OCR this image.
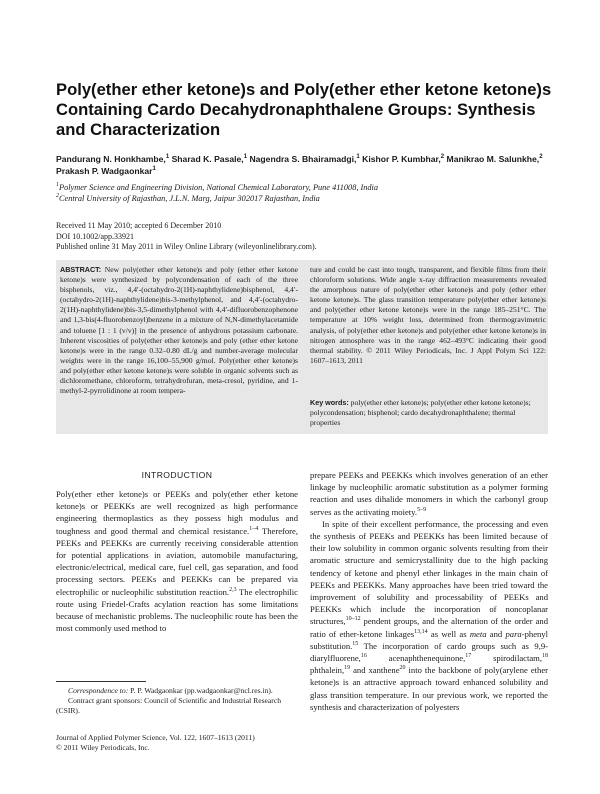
Poly(ether ether ketone)s and Poly(ether ether ketone ketone)s Containing Cardo Decahydronaphthalene Groups: Synthesis and Characterization
Pandurang N. Honkhambe,$^1$ Sharad K. Pasale,$^1$ Nagendra S. Bhairamadgi,$^1$ Kishor P. Kumbhar,$^2$ Manikrao M. Salunkhe,$^2$ Prakash P. Wadgaonkar$^1$
$^1$Polymer Science and Engineering Division, National Chemical Laboratory, Pune 411008, India
$^2$Central University of Rajasthan, J.L.N. Marg, Jaipur 302017 Rajasthan, India
Received 11 May 2010; accepted 6 December 2010
DOI 10.1002/app.33921
Published online 31 May 2011 in Wiley Online Library (wileyonlinelibrary.com).
ABSTRACT: New poly(ether ether ketone)s and poly (ether ether ketone ketone)s were synthesized by polycondensation of each of the three bisphenols, viz., 4,4′-(octahydro-2(1H)-naphthylidene)bisphenol, 4,4′-(octahydro-2(1H)-naphthylidene)bis-3-methylphenol, and 4,4′-(octahydro-2(1H)-naphthylidene)bis-3,5-dimethylphenol with 4,4′-difluorobenzophenone and 1,3-bis(4-fluorobenzoyl)benzene in a mixture of N,N-dimethylacetamide and toluene [1 : 1 (v/v)] in the presence of anhydrous potassium carbonate. Inherent viscosities of poly(ether ether ketone)s and poly (ether ether ketone ketone)s were in the range 0.32–0.80 dL/g and number-average molecular weights were in the range 16,100–55,900 g/mol. Poly(ether ether ketone)s and poly(ether ether ketone ketone)s were soluble in organic solvents such as dichloromethane, chloroform, tetrahydrofuran, meta-cresol, pyridine, and 1-methyl-2-pyrrolidinone at room tempera-
ture and could be cast into tough, transparent, and flexible films from their chloroform solutions. Wide angle x-ray diffraction measurements revealed the amorphous nature of poly(ether ether ketone)s and poly (ether ether ketone ketone)s. The glass transition temperature poly(ether ether ketone)s and poly(ether ether ketone ketone)s were in the range 185–251°C. The temperature at 10% weight loss, determined from thermogravimetric analysis, of poly(ether ether ketone)s and poly(ether ether ketone ketone)s in nitrogen atmosphere was in the range 462–493°C indicating their good thermal stability. © 2011 Wiley Periodicals, Inc. J Appl Polym Sci 122: 1607–1613, 2011
Key words: poly(ether ether ketone)s; poly(ether ether ketone ketone)s; polycondensation; bisphenol; cardo decahydronaphthalene; thermal properties
INTRODUCTION
Poly(ether ether ketone)s or PEEKs and poly(ether ether ketone ketone)s or PEEKKs are well recognized as high performance engineering thermoplastics as they possess high modulus and toughness and good thermal and chemical resistance.$^{1-4}$ Therefore, PEEKs and PEEKKs are currently receiving considerable attention for potential applications in aviation, automobile manufacturing, electronic/electrical, medical care, fuel cell, gas separation, and food processing sectors. PEEKs and PEEKKs can be prepared via electrophilic or nucleophilic substitution reaction.$^{2,3}$ The electrophilic route using Friedel-Crafts acylation reaction has some limitations because of mechanistic problems. The nucleophilic route has been the most commonly used method to

prepare PEEKs and PEEKKs which involves generation of an ether linkage by nucleophilic aromatic substitution as a polymer forming reaction and uses dihalide monomers in which the carbonyl group serves as the activating moiety.$^{5-9}$

In spite of their excellent performance, the processing and even the synthesis of PEEKs and PEEKKs has been limited because of their low solubility in common organic solvents resulting from their aromatic structure and semicrystallinity due to the high packing tendency of ketone and phenyl ether linkages in the main chain of PEEKs and PEEKKs. Many approaches have been tried toward the improvement of solubility and processability of PEEKs and PEEKKs which include the incorporation of noncoplanar structures,$^{10-12}$ pendent groups, and the alternation of the order and ratio of ether-ketone linkages$^{13,14}$ as well as meta and para-phenyl substitution.$^{15}$ The incorporation of cardo groups such as 9,9-diarylfluorene,$^{16}$ acenaphthenequinone,$^{17}$ spirodilactam,$^{18}$ phthalein,$^{19}$ and xanthene$^{20}$ into the backbone of poly(arylene ether ketone)s is an attractive approach toward enhanced solubility and glass transition temperature. In our previous work, we reported the synthesis and characterization of polyesters

Correspondence to: P. P. Wadgaonkar (pp.wadgaonkar@ncl.res.in).

Contract grant sponsors: Council of Scientific and Industrial Research (CSIR).

Journal of Applied Polymer Science, Vol. 122, 1607–1613 (2011)
© 2011 Wiley Periodicals, Inc.
